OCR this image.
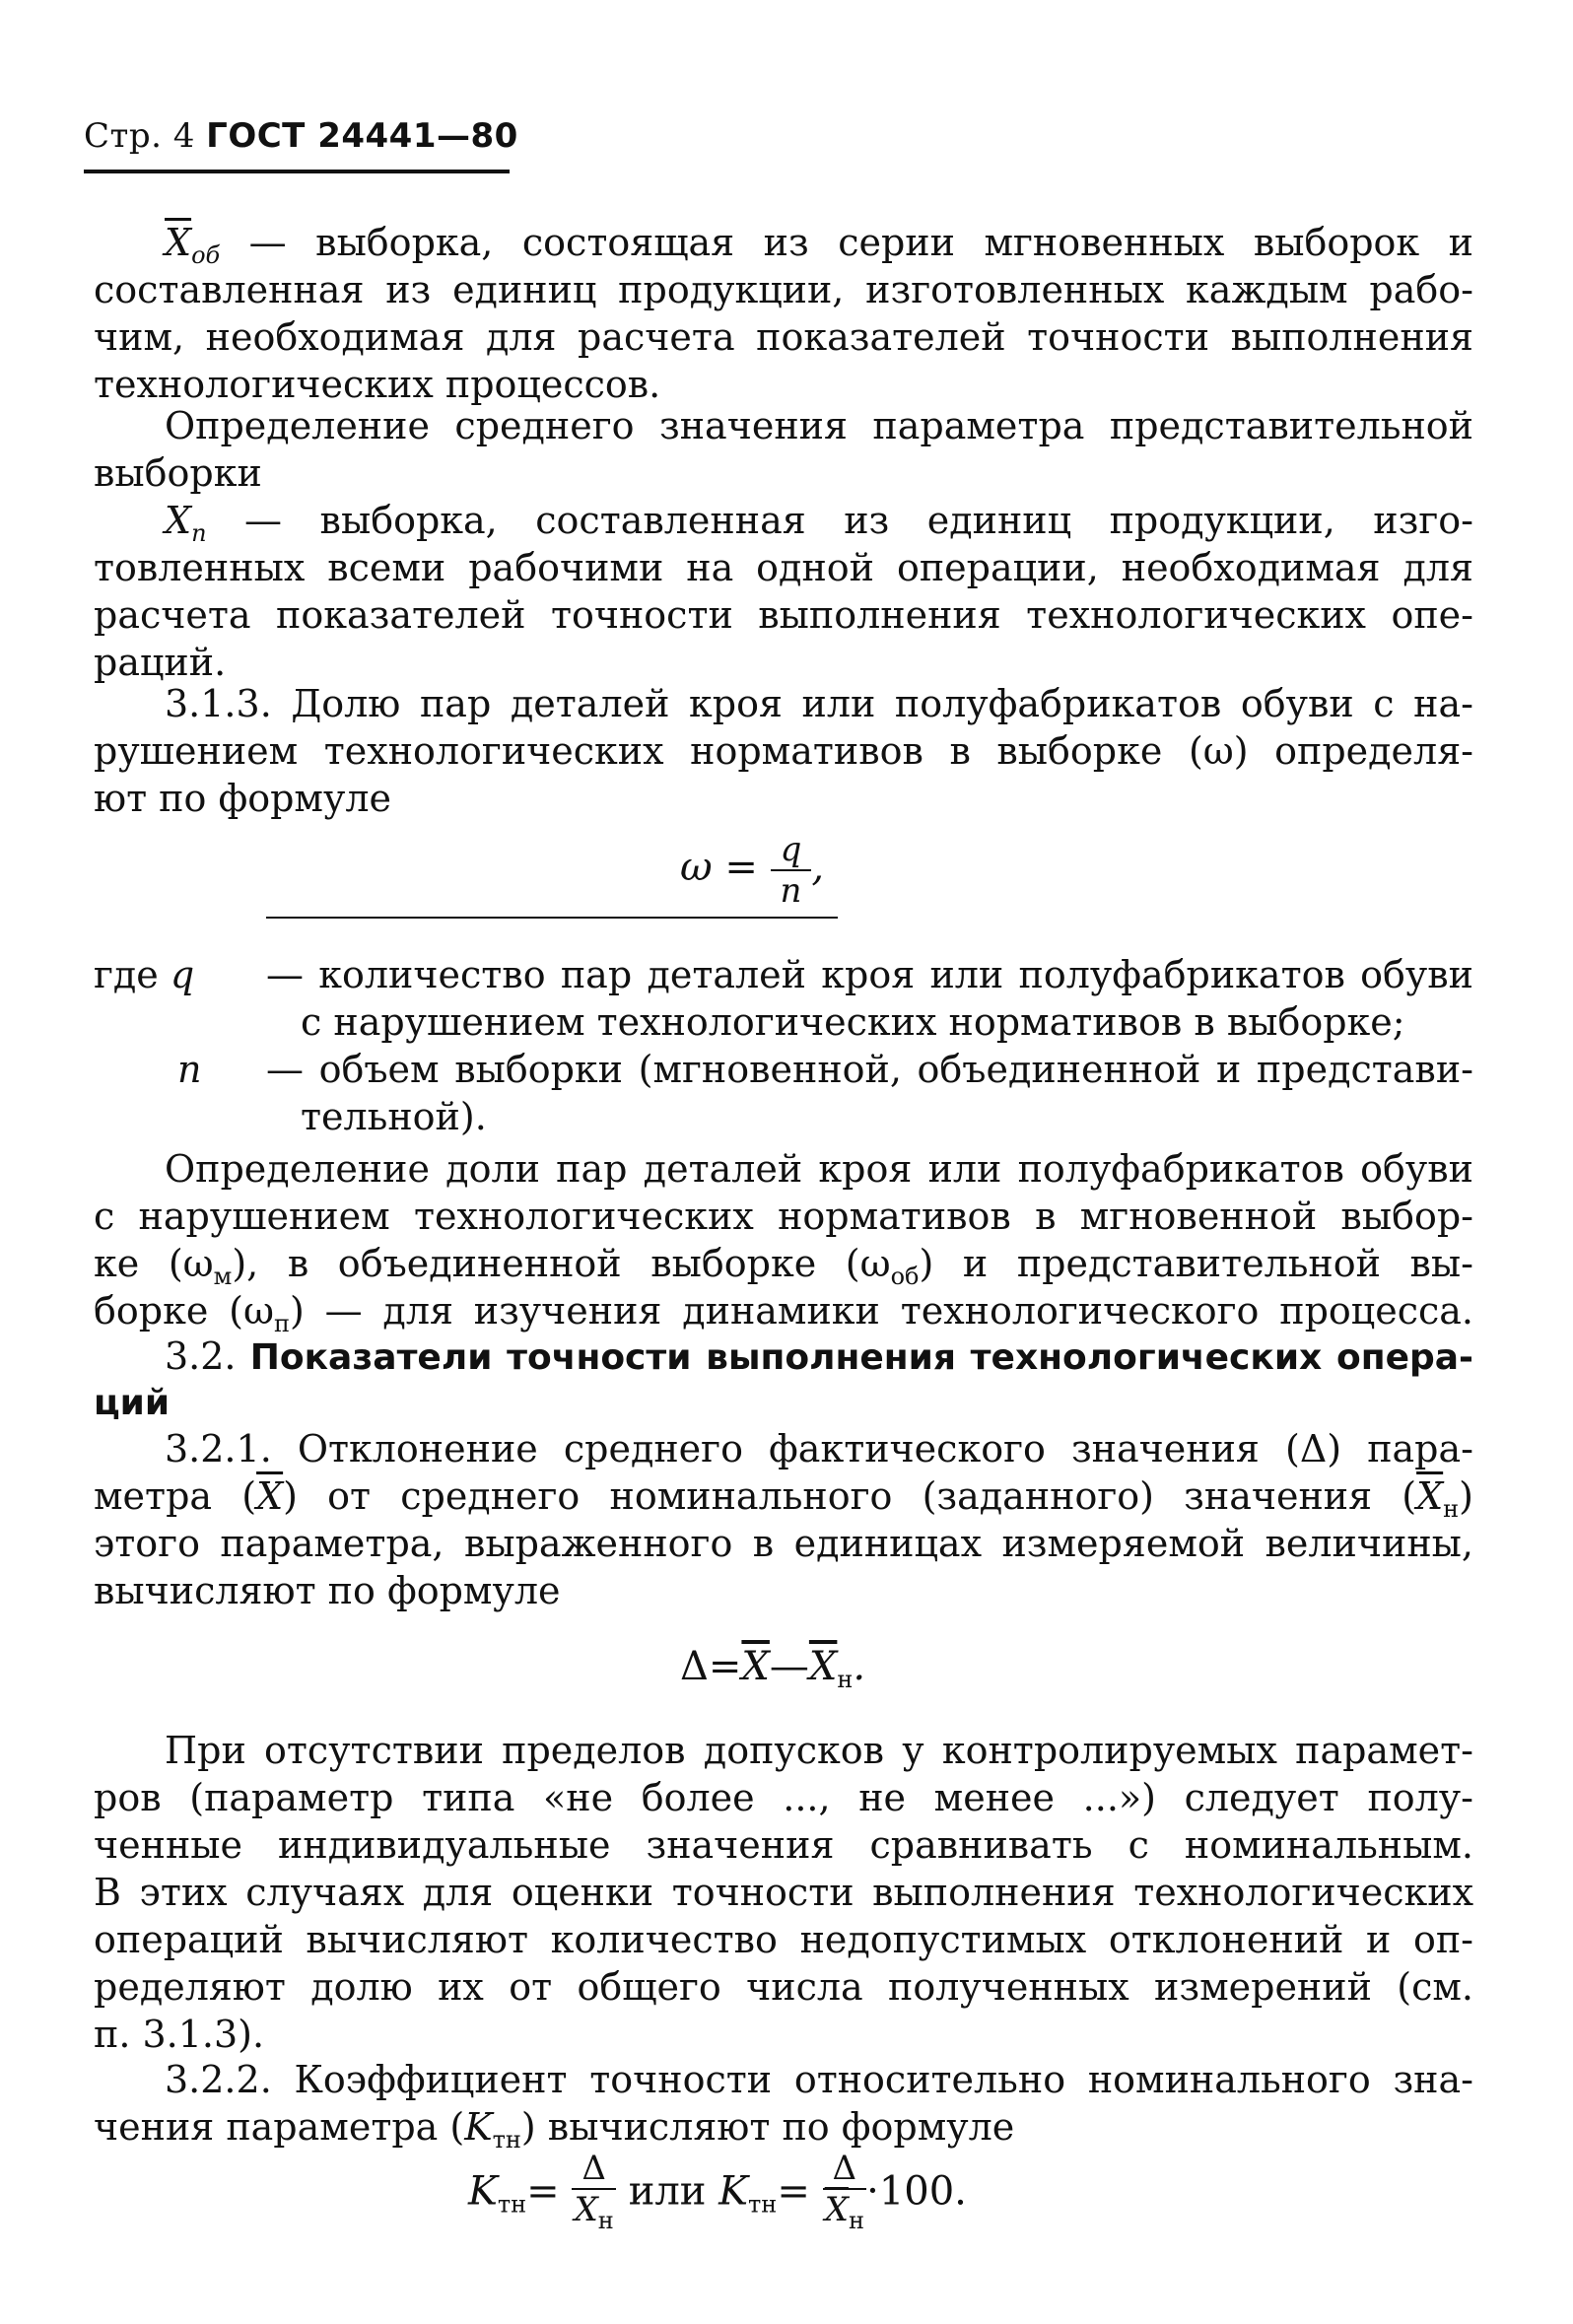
Стр. 4 ГОСТ 24441—80
$\overline{X}_{об}$ — выборка, состоящая из серии мгновенных выборок и
составленная из единиц продукции, изготовленных каждым рабо-
чим, необходимая для расчета показателей точности выполнения
технологических процессов.
Определение среднего значения параметра представительной
выборки
$X_п$ — выборка, составленная из единиц продукции, изго-
товленных всеми рабочими на одной операции, необходимая для
расчета показателей точности выполнения технологических опе-
раций.
3.1.3. Долю пар деталей кроя или полуфабрикатов обуви с на-
рушением технологических нормативов в выборке (ω) определя-
ют по формуле
$\omega = \frac{q}{n}$ ,
где q — количество пар деталей кроя или полуфабрикатов обуви
с нарушением технологических нормативов в выборке;
n — объем выборки (мгновенной, объединенной и представи-
тельной).
Определение доли пар деталей кроя или полуфабрикатов обуви
с нарушением технологических нормативов в мгновенной выбор-
ке $(\omega_м)$, в объединенной выборке $(\omega_{об})$ и представительной вы-
борке $(\omega_п)$ — для изучения динамики технологического процесса.
3.2. Показатели точности выполнения технологических опера-
ций
3.2.1. Отклонение среднего фактического значения (Δ) пара-
метра $(\overline{X})$ от среднего номинального (заданного) значения $(\overline{X}_н)$
этого параметра, выраженного в единицах измеряемой величины,
вычисляют по формуле
$\Delta=\overline{X}—\overline{X}_н$.
При отсутствии пределов допусков у контролируемых парамет-
ров (параметр типа «не более ..., не менее ...») следует полу-
ченные индивидуальные значения сравнивать с номинальным.
В этих случаях для оценки точности выполнения технологических
операций вычисляют количество недопустимых отклонений и оп-
ределяют долю их от общего числа полученных измерений (см.
п. 3.1.3).
3.2.2. Коэффициент точности относительно номинального зна-
чения параметра $(K_{тн})$ вычисляют по формуле
$K_{тн}= \frac{\Delta}{X_н}$ или $K_{тн}= \frac{\Delta}{\overline{X}_н} \cdot 100$.
